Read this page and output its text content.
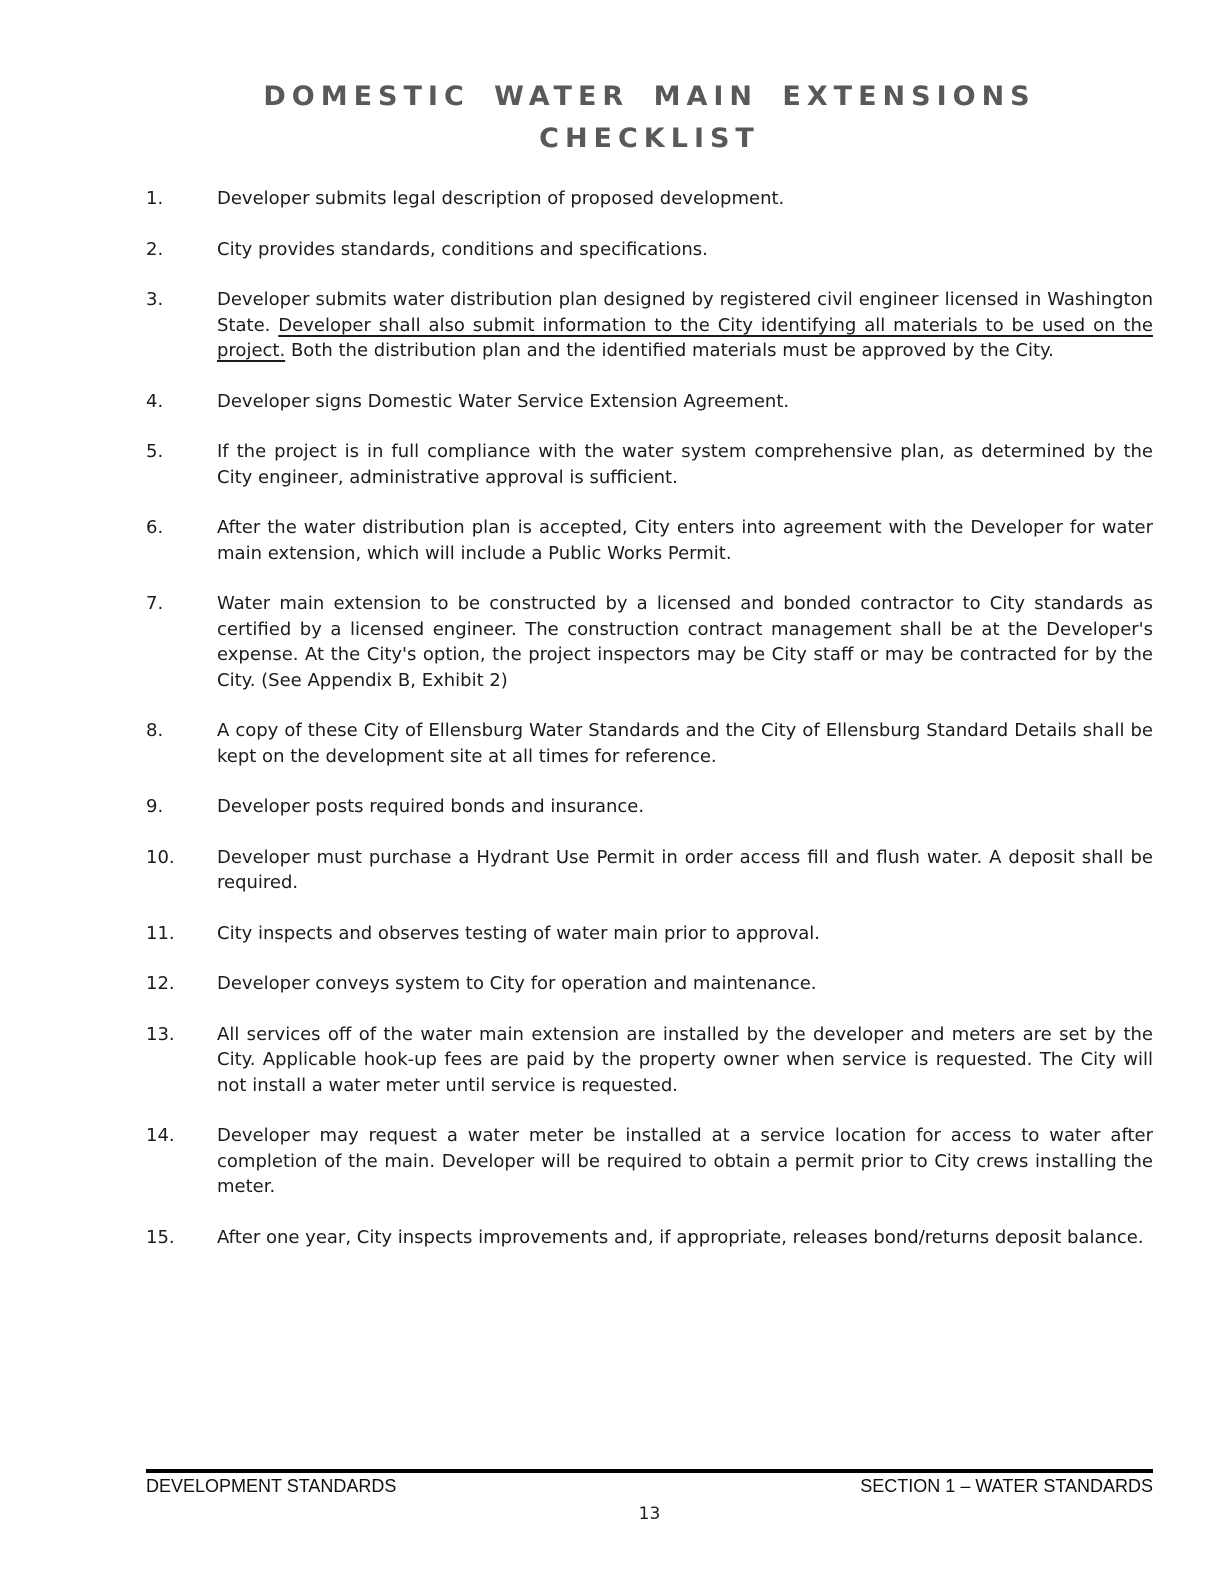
DOMESTIC WATER MAIN EXTENSIONS
CHECKLIST
1.	Developer submits legal description of proposed development.

2.	City provides standards, conditions and specifications.

3.	Developer submits water distribution plan designed by registered civil engineer licensed in Washington State. Developer shall also submit information to the City identifying all materials to be used on the project. Both the distribution plan and the identified materials must be approved by the City.

4.	Developer signs Domestic Water Service Extension Agreement.

5.	If the project is in full compliance with the water system comprehensive plan, as determined by the City engineer, administrative approval is sufficient.

6.	After the water distribution plan is accepted, City enters into agreement with the Developer for water main extension, which will include a Public Works Permit.

7.	Water main extension to be constructed by a licensed and bonded contractor to City standards as certified by a licensed engineer. The construction contract management shall be at the Developer's expense. At the City's option, the project inspectors may be City staff or may be contracted for by the City. (See Appendix B, Exhibit 2)

8.	A copy of these City of Ellensburg Water Standards and the City of Ellensburg Standard Details shall be kept on the development site at all times for reference.

9.	Developer posts required bonds and insurance.

10.	Developer must purchase a Hydrant Use Permit in order access fill and flush water. A deposit shall be required.

11.	City inspects and observes testing of water main prior to approval.

12.	Developer conveys system to City for operation and maintenance.

13.	All services off of the water main extension are installed by the developer and meters are set by the City. Applicable hook-up fees are paid by the property owner when service is requested. The City will not install a water meter until service is requested.

14.	Developer may request a water meter be installed at a service location for access to water after completion of the main. Developer will be required to obtain a permit prior to City crews installing the meter.

15.	After one year, City inspects improvements and, if appropriate, releases bond/returns deposit balance.

DEVELOPMENT STANDARDS	SECTION 1 – WATER STANDARDS
13
